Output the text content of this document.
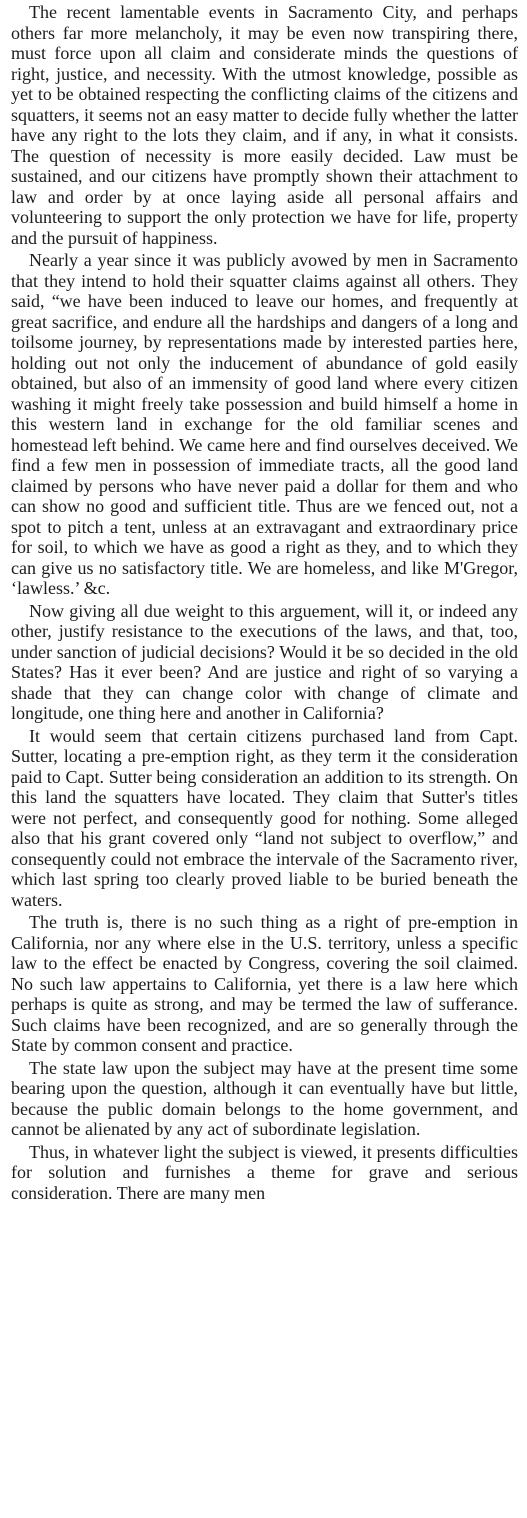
The recent lamentable events in Sacramento City, and perhaps others far more melancholy, it may be even now transpiring there, must force upon all claim and considerate minds the questions of right, justice, and necessity. With the utmost knowledge, possible as yet to be obtained respecting the conflicting claims of the citizens and squatters, it seems not an easy matter to decide fully whether the latter have any right to the lots they claim, and if any, in what it consists. The question of necessity is more easily decided. Law must be sustained, and our citizens have promptly shown their attachment to law and order by at once laying aside all personal affairs and volunteering to support the only protection we have for life, property and the pursuit of happiness.

Nearly a year since it was publicly avowed by men in Sacramento that they intend to hold their squatter claims against all others. They said, “we have been induced to leave our homes, and frequently at great sacrifice, and endure all the hardships and dangers of a long and toilsome journey, by representations made by interested parties here, holding out not only the inducement of abundance of gold easily obtained, but also of an immensity of good land where every citizen washing it might freely take possession and build himself a home in this western land in exchange for the old familiar scenes and homestead left behind. We came here and find ourselves deceived. We find a few men in possession of immediate tracts, all the good land claimed by persons who have never paid a dollar for them and who can show no good and sufficient title. Thus are we fenced out, not a spot to pitch a tent, unless at an extravagant and extraordinary price for soil, to which we have as good a right as they, and to which they can give us no satisfactory title. We are homeless, and like M'Gregor, ‘lawless.’ &c.

Now giving all due weight to this arguement, will it, or indeed any other, justify resistance to the executions of the laws, and that, too, under sanction of judicial decisions? Would it be so decided in the old States? Has it ever been? And are justice and right of so varying a shade that they can change color with change of climate and longitude, one thing here and another in California?

It would seem that certain citizens purchased land from Capt. Sutter, locating a pre-emption right, as they term it the consideration paid to Capt. Sutter being consideration an addition to its strength. On this land the squatters have located. They claim that Sutter's titles were not perfect, and consequently good for nothing. Some alleged also that his grant covered only “land not subject to overflow,” and consequently could not embrace the intervale of the Sacramento river, which last spring too clearly proved liable to be buried beneath the waters.

The truth is, there is no such thing as a right of pre-emption in California, nor any where else in the U.S. territory, unless a specific law to the effect be enacted by Congress, covering the soil claimed. No such law appertains to California, yet there is a law here which perhaps is quite as strong, and may be termed the law of sufferance. Such claims have been recognized, and are so generally through the State by common consent and practice.

The state law upon the subject may have at the present time some bearing upon the question, although it can eventually have but little, because the public domain belongs to the home government, and cannot be alienated by any act of subordinate legislation.

Thus, in whatever light the subject is viewed, it presents difficulties for solution and furnishes a theme for grave and serious consideration. There are many men
